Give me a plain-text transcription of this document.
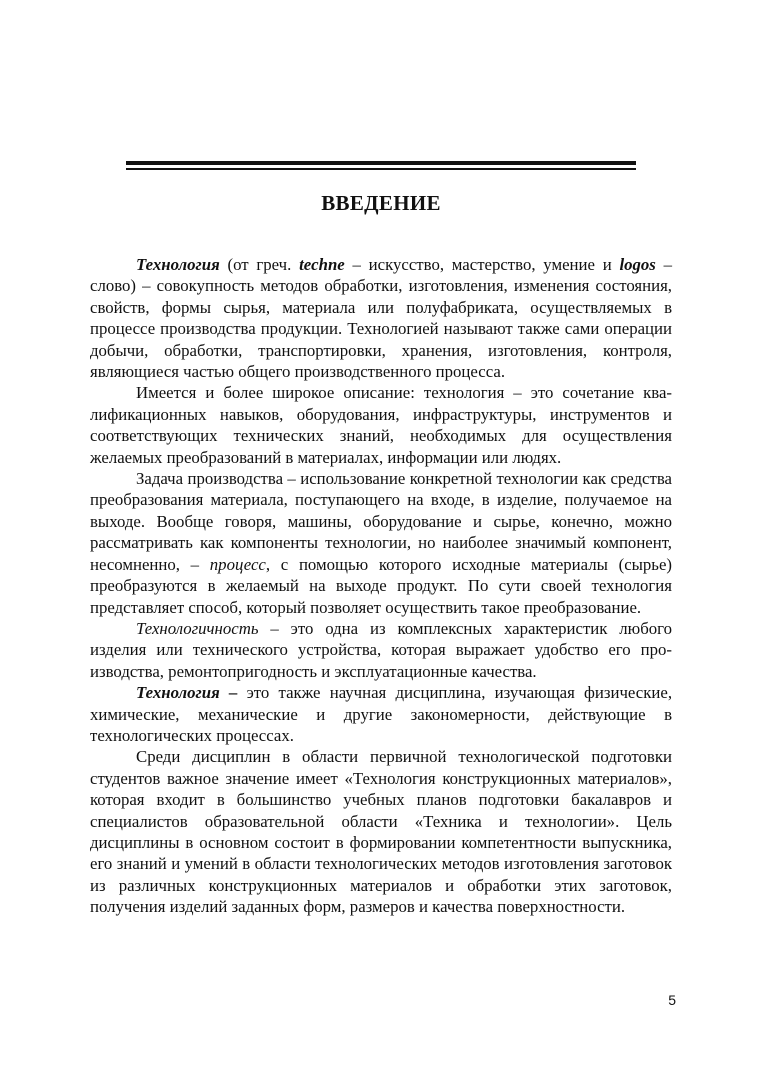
ВВЕДЕНИЕ

Технология (от греч. techne – искусство, мастерство, умение и logos – слово) – совокупность методов обработки, изготовления, изменения состояния, свойств, формы сырья, материала или полуфабриката, осуществляемых в процессе производства продукции. Технологией называют также сами операции добычи, обработки, транспортировки, хранения, изготовления, контроля, являющиеся частью общего производственного процесса.

Имеется и более широкое описание: технология – это сочетание квалификационных навыков, оборудования, инфраструктуры, инструментов и соответствующих технических знаний, необходимых для осуществления желаемых преобразований в материалах, информации или людях.

Задача производства – использование конкретной технологии как средства преобразования материала, поступающего на входе, в изделие, получаемое на выходе. Вообще говоря, машины, оборудование и сырье, конечно, можно рассматривать как компоненты технологии, но наиболее значимый компонент, несомненно, – процесс, с помощью которого исходные материалы (сырье) преобразуются в желаемый на выходе продукт. По сути своей технология представляет способ, который позволяет осуществить такое преобразование.

Технологичность – это одна из комплексных характеристик любого изделия или технического устройства, которая выражает удобство его производства, ремонтопригодность и эксплуатационные качества.

Технология – это также научная дисциплина, изучающая физические, химические, механические и другие закономерности, действующие в технологических процессах.

Среди дисциплин в области первичной технологической подготовки студентов важное значение имеет «Технология конструкционных материалов», которая входит в большинство учебных планов подготовки бакалавров и специалистов образовательной области «Техника и технологии». Цель дисциплины в основном состоит в формировании компетентности выпускника, его знаний и умений в области технологических методов изготовления заготовок из различных конструкционных материалов и обработки этих заготовок, получения изделий заданных форм, размеров и качества поверхностности.

5
